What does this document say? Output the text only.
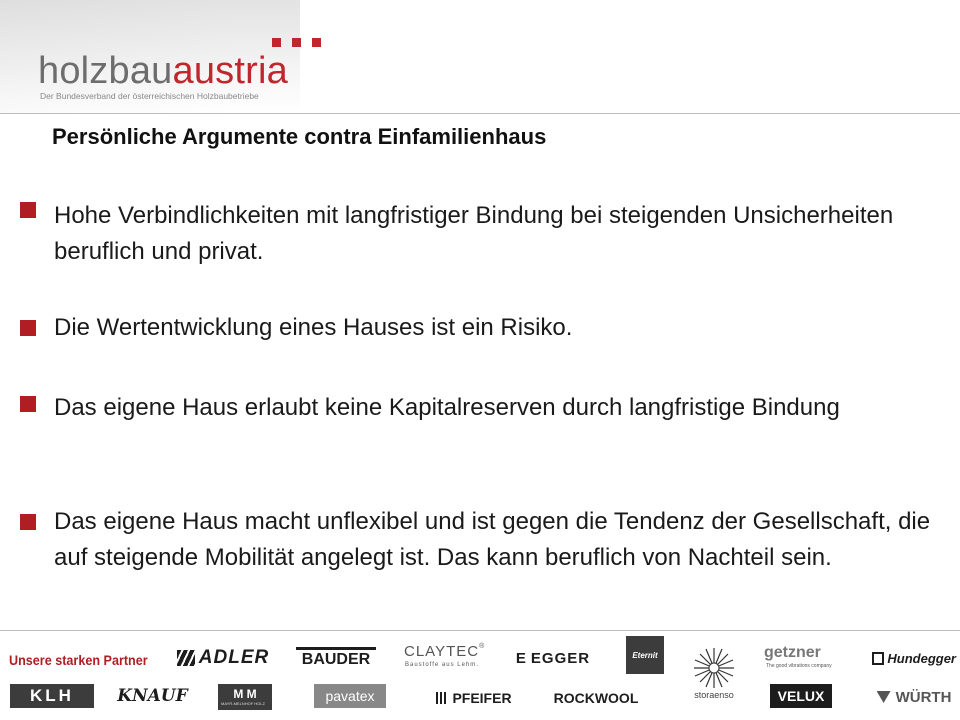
holzbauaustria
Der Bundesverband der österreichischen Holzbaubetriebe
Persönliche Argumente contra Einfamilienhaus
Hohe Verbindlichkeiten mit langfristiger Bindung bei steigenden Unsicherheiten beruflich und privat.
Die Wertentwicklung eines Hauses ist ein Risiko.
Das eigene Haus erlaubt keine Kapitalreserven durch langfristige Bindung
Das eigene Haus macht unflexibel und ist gegen die Tendenz der Gesellschaft, die auf steigende Mobilität angelegt ist. Das kann beruflich von Nachteil sein.
Unsere starken Partner	ADLER BAUDER CLAYTEC ®
Baustoffe aus Lehm. E EGGER	Eternit	getzner
The good vibrations company
Hundegger
KLH	KNAUF	M M
MAYR-MELNHOF HOLZ	pavatex	PFEIFER	ROCKWOOL	storaenso	VELUX	WÜRTH
